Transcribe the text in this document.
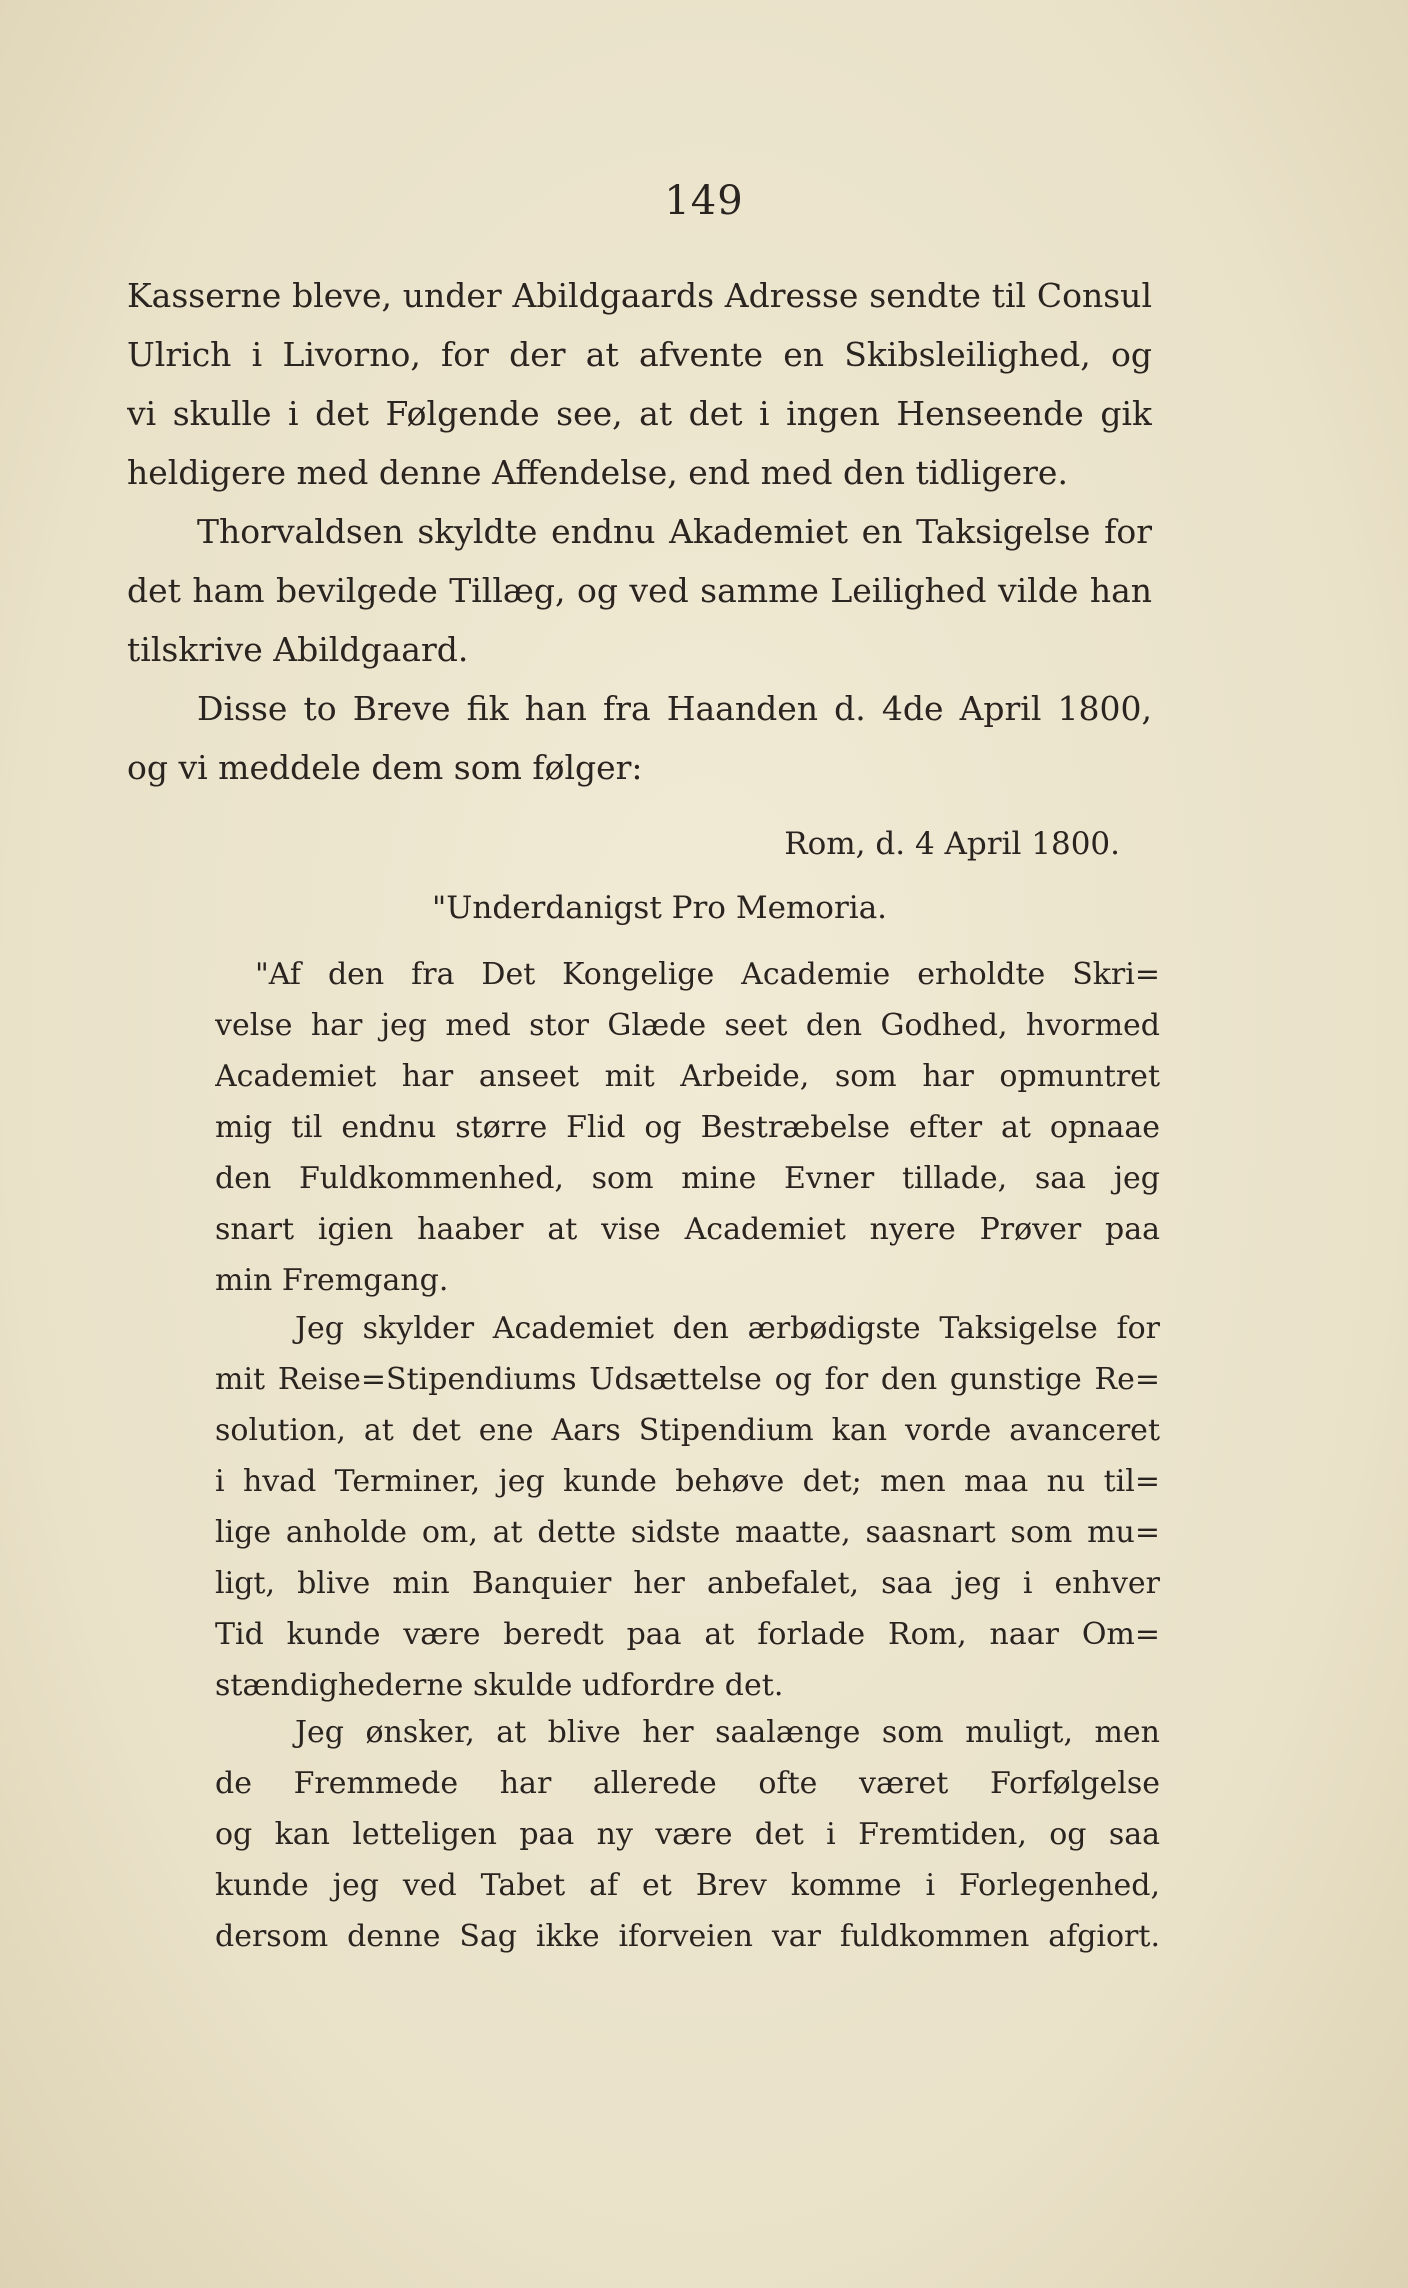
149
Kasserne bleve, under Abildgaards Adresse sendte til Consul
Ulrich i Livorno, for der at afvente en Skibsleilighed, og
vi skulle i det Følgende see, at det i ingen Henseende gik
heldigere med denne Affendelse, end med den tidligere.
Thorvaldsen skyldte endnu Akademiet en Taksigelse for
det ham bevilgede Tillæg, og ved samme Leilighed vilde han
tilskrive Abildgaard.
Disse to Breve fik han fra Haanden d. 4de April 1800,
og vi meddele dem som følger:
Rom, d. 4 April 1800.
"Underdanigst Pro Memoria.
"Af den fra Det Kongelige Academie erholdte Skri=
velse har jeg med stor Glæde seet den Godhed, hvormed
Academiet har anseet mit Arbeide, som har opmuntret
mig til endnu større Flid og Bestræbelse efter at opnaae
den Fuldkommenhed, som mine Evner tillade, saa jeg
snart igien haaber at vise Academiet nyere Prøver paa
min Fremgang.
Jeg skylder Academiet den ærbødigste Taksigelse for
mit Reise=Stipendiums Udsættelse og for den gunstige Re=
solution, at det ene Aars Stipendium kan vorde avanceret
i hvad Terminer, jeg kunde behøve det; men maa nu til=
lige anholde om, at dette sidste maatte, saasnart som mu=
ligt, blive min Banquier her anbefalet, saa jeg i enhver
Tid kunde være beredt paa at forlade Rom, naar Om=
stændighederne skulde udfordre det.
Jeg ønsker, at blive her saalænge som muligt, men
de Fremmede har allerede ofte været Forfølgelse
og kan letteligen paa ny være det i Fremtiden, og saa
kunde jeg ved Tabet af et Brev komme i Forlegenhed,
dersom denne Sag ikke iforveien var fuldkommen afgiort.
